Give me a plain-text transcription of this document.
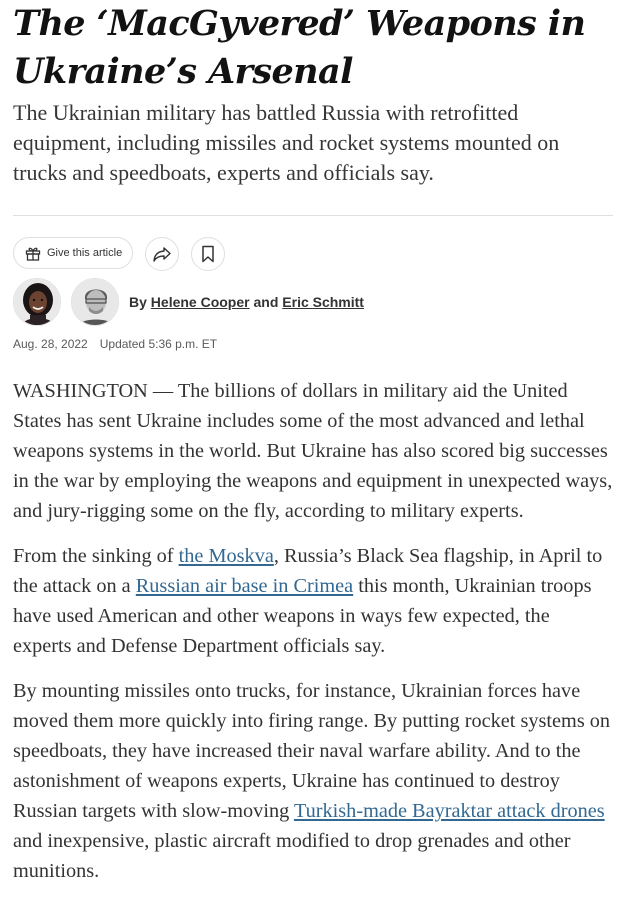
The ‘MacGyvered’ Weapons in
Ukraine’s Arsenal

The Ukrainian military has battled Russia with retrofitted equipment, including missiles and rocket systems mounted on trucks and speedboats, experts and officials say.

Give this article
By Helene Cooper and Eric Schmitt
Aug. 28, 2022 Updated 5:36 p.m. ET

WASHINGTON — The billions of dollars in military aid the United States has sent Ukraine includes some of the most advanced and lethal weapons systems in the world. But Ukraine has also scored big successes in the war by employing the weapons and equipment in unexpected ways, and jury-rigging some on the fly, according to military experts.

From the sinking of the Moskva, Russia’s Black Sea flagship, in April to the attack on a Russian air base in Crimea this month, Ukrainian troops have used American and other weapons in ways few expected, the experts and Defense Department officials say.

By mounting missiles onto trucks, for instance, Ukrainian forces have moved them more quickly into firing range. By putting rocket systems on speedboats, they have increased their naval warfare ability. And to the astonishment of weapons experts, Ukraine has continued to destroy Russian targets with slow-moving Turkish-made Bayraktar attack drones and inexpensive, plastic aircraft modified to drop grenades and other munitions.
